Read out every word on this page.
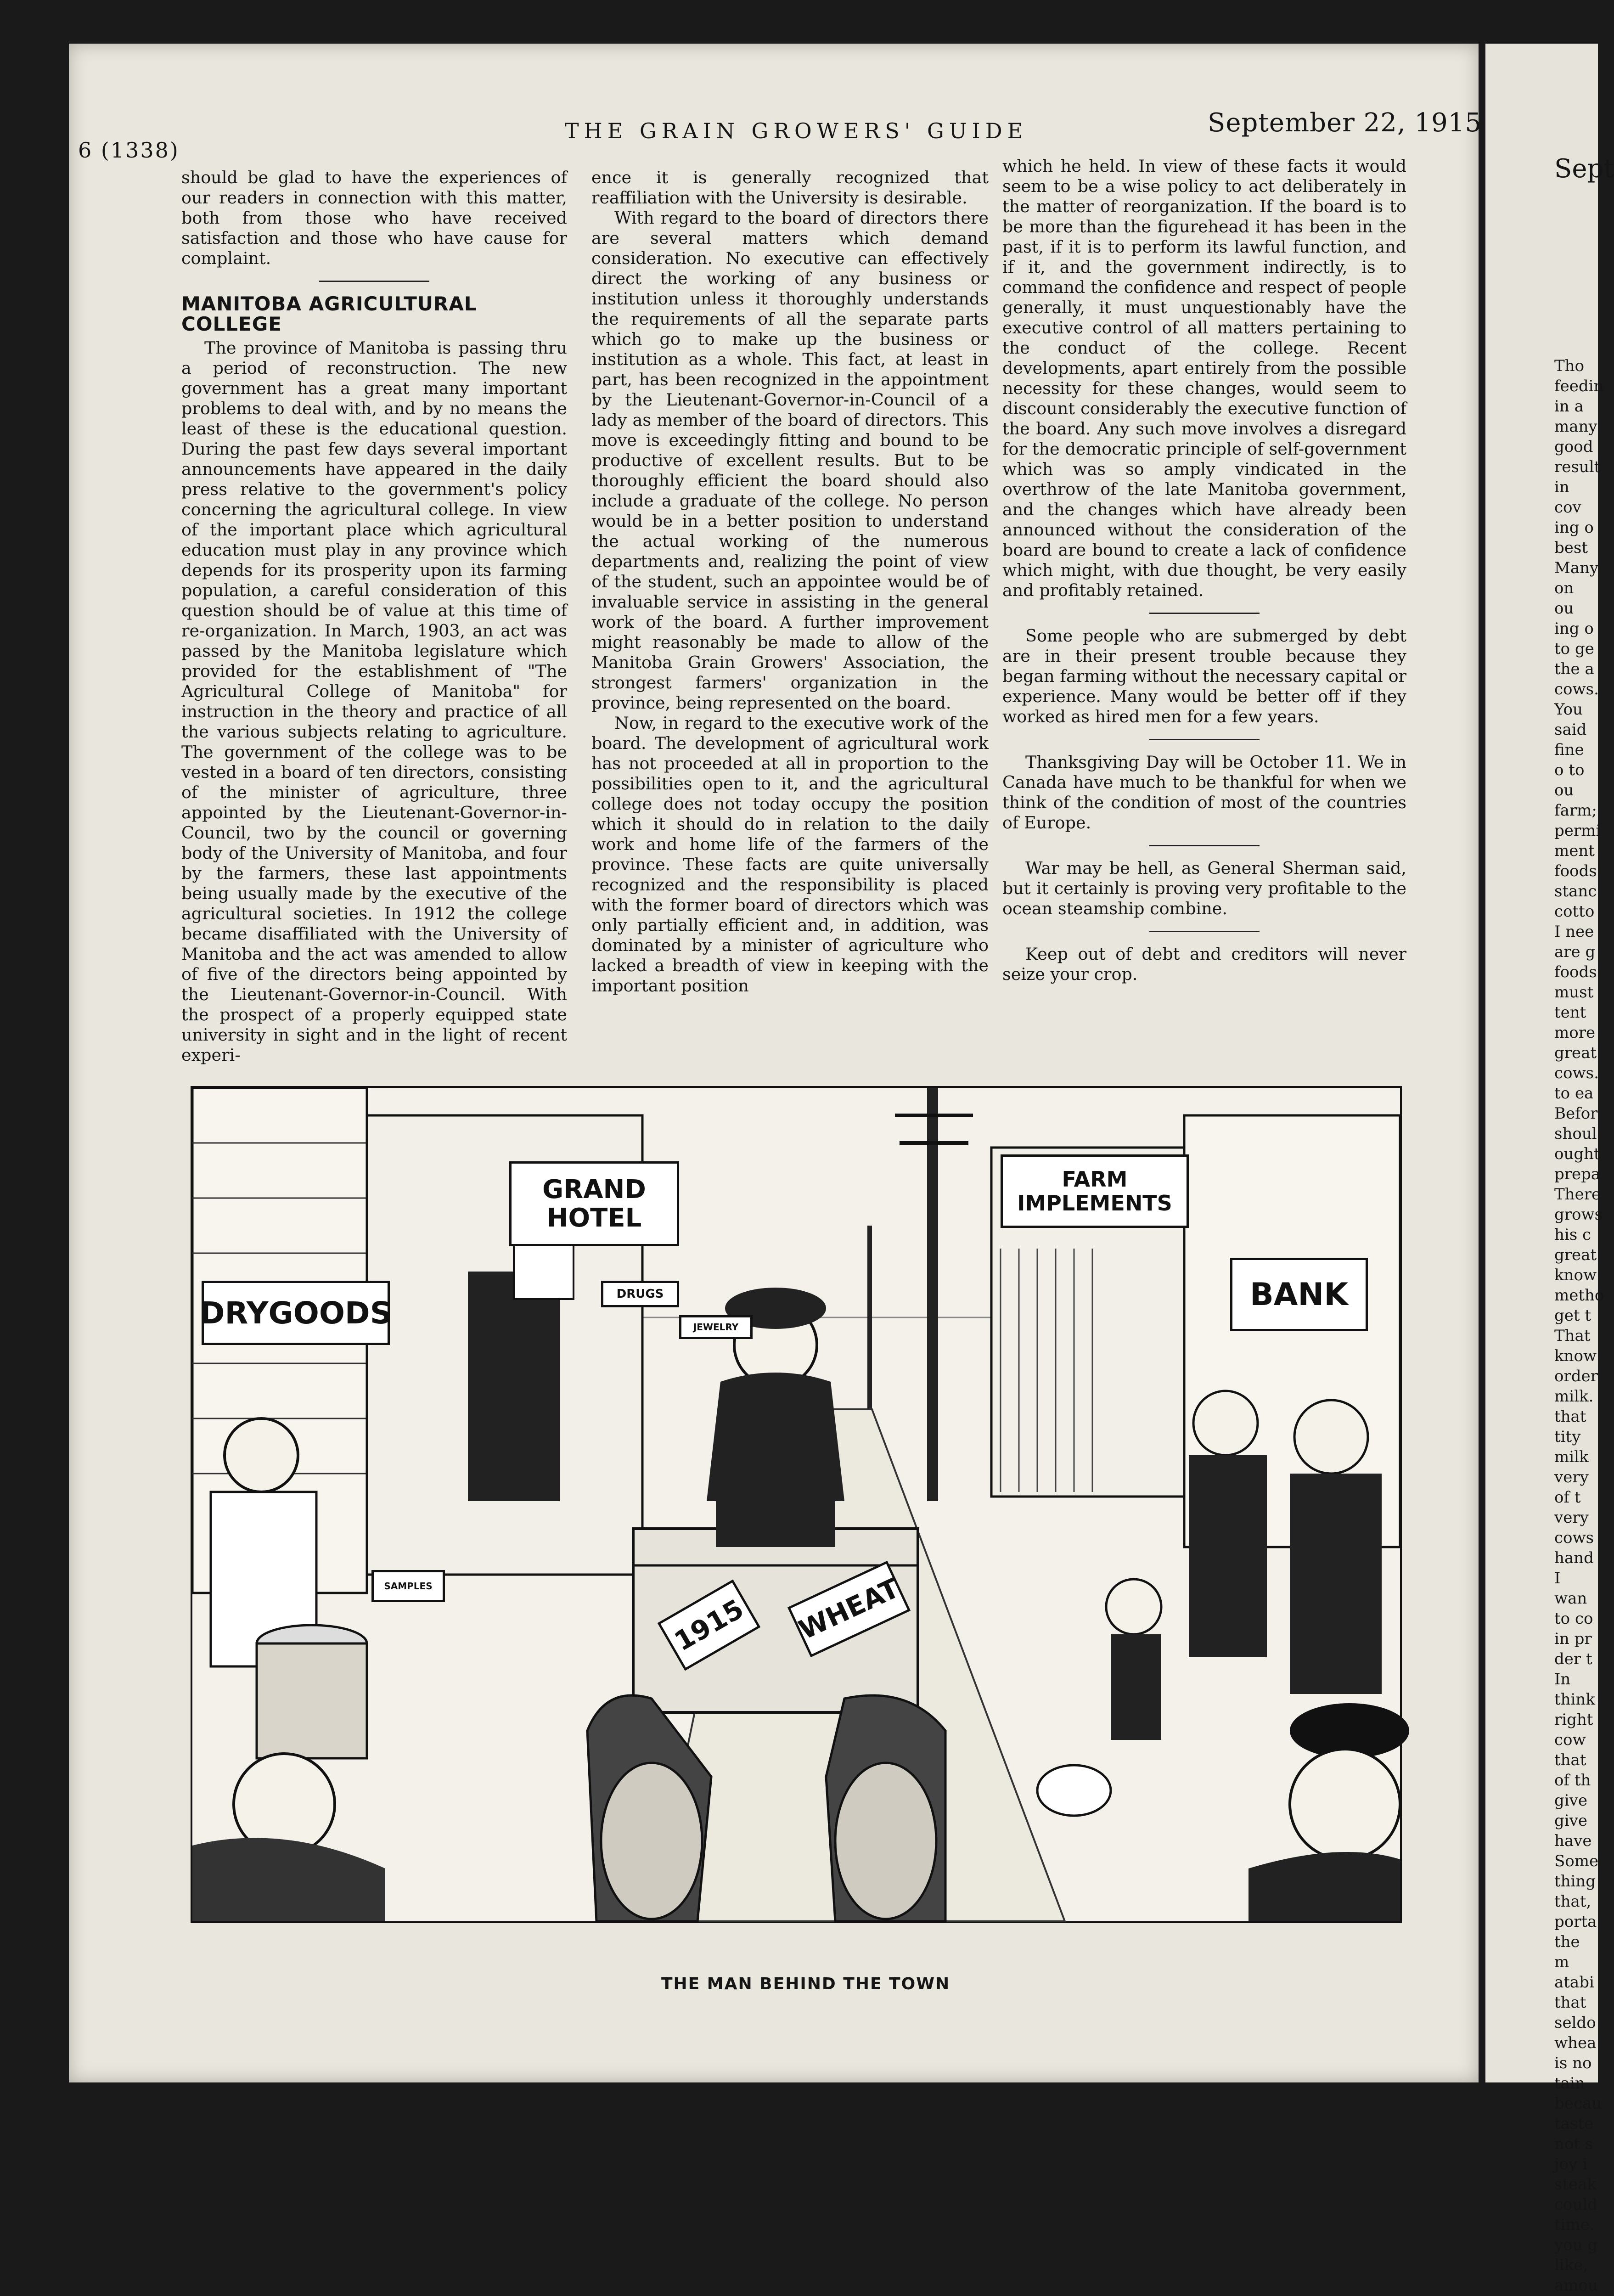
Sept
Tho feedin in a many good result in cov ing o best Many on ou ing o to ge the a cows. You said fine o to ou farm; permi ment foods stanc cotto I nee are g foods must tent more great cows. to ea Befor shoul ought prepa There grows his c great know metho get t That know order milk. that tity milk very of t very cows hand I wan to co in pr der t In think right cow that of th give give have Some thing that, porta the m atabi that seldo whea is no tain becau taste not s joy i steak could time. you g like, amou
6 (1338)
THE GRAIN GROWERS' GUIDE	September 22, 1915

should be glad to have the experiences of our readers in connection with this matter, both from those who have received satisfaction and those who have cause for complaint.

MANITOBA AGRICULTURAL COLLEGE

The province of Manitoba is passing thru a period of reconstruction. The new government has a great many important problems to deal with, and by no means the least of these is the educational question. During the past few days several important announcements have appeared in the daily press relative to the government's policy concerning the agricultural college. In view of the important place which agricultural education must play in any province which depends for its prosperity upon its farming population, a careful consideration of this question should be of value at this time of re-organization. In March, 1903, an act was passed by the Manitoba legislature which provided for the establishment of "The Agricultural College of Manitoba" for instruction in the theory and practice of all the various subjects relating to agriculture. The government of the college was to be vested in a board of ten directors, consisting of the minister of agriculture, three appointed by the Lieutenant-Governor-in-Council, two by the council or governing body of the University of Manitoba, and four by the farmers, these last appointments being usually made by the executive of the agricultural societies. In 1912 the college became disaffiliated with the University of Manitoba and the act was amended to allow of five of the directors being appointed by the Lieutenant-Governor-in-Council. With the prospect of a properly equipped state university in sight and in the light of recent experi-

ence it is generally recognized that reaffiliation with the University is desirable.

With regard to the board of directors there are several matters which demand consideration. No executive can effectively direct the working of any business or institution unless it thoroughly understands the requirements of all the separate parts which go to make up the business or institution as a whole. This fact, at least in part, has been recognized in the appointment by the Lieutenant-Governor-in-Council of a lady as member of the board of directors. This move is exceedingly fitting and bound to be productive of excellent results. But to be thoroughly efficient the board should also include a graduate of the college. No person would be in a better position to understand the actual working of the numerous departments and, realizing the point of view of the student, such an appointee would be of invaluable service in assisting in the general work of the board. A further improvement might reasonably be made to allow of the Manitoba Grain Growers' Association, the strongest farmers' organization in the province, being represented on the board.

Now, in regard to the executive work of the board. The development of agricultural work has not proceeded at all in proportion to the possibilities open to it, and the agricultural college does not today occupy the position which it should do in relation to the daily work and home life of the farmers of the province. These facts are quite universally recognized and the responsibility is placed with the former board of directors which was only partially efficient and, in addition, was dominated by a minister of agriculture who lacked a breadth of view in keeping with the important position

which he held. In view of these facts it would seem to be a wise policy to act deliberately in the matter of reorganization. If the board is to be more than the figurehead it has been in the past, if it is to perform its lawful function, and if it, and the government indirectly, is to command the confidence and respect of people generally, it must unquestionably have the executive control of all matters pertaining to the conduct of the college. Recent developments, apart entirely from the possible necessity for these changes, would seem to discount considerably the executive function of the board. Any such move involves a disregard for the democratic principle of self-government which was so amply vindicated in the overthrow of the late Manitoba government, and the changes which have already been announced without the consideration of the board are bound to create a lack of confidence which might, with due thought, be very easily and profitably retained.

Some people who are submerged by debt are in their present trouble because they began farming without the necessary capital or experience. Many would be better off if they worked as hired men for a few years.

Thanksgiving Day will be October 11. We in Canada have much to be thankful for when we think of the condition of most of the countries of Europe.

War may be hell, as General Sherman said, but it certainly is proving very profitable to the ocean steamship combine.

Keep out of debt and creditors will never seize your crop.

DRYGOODS
GRAND HOTEL
DRUGS
JEWELRY
FARM IMPLEMENTS
BANK
SAMPLES
1915	WHEAT
THE MAN BEHIND THE TOWN
